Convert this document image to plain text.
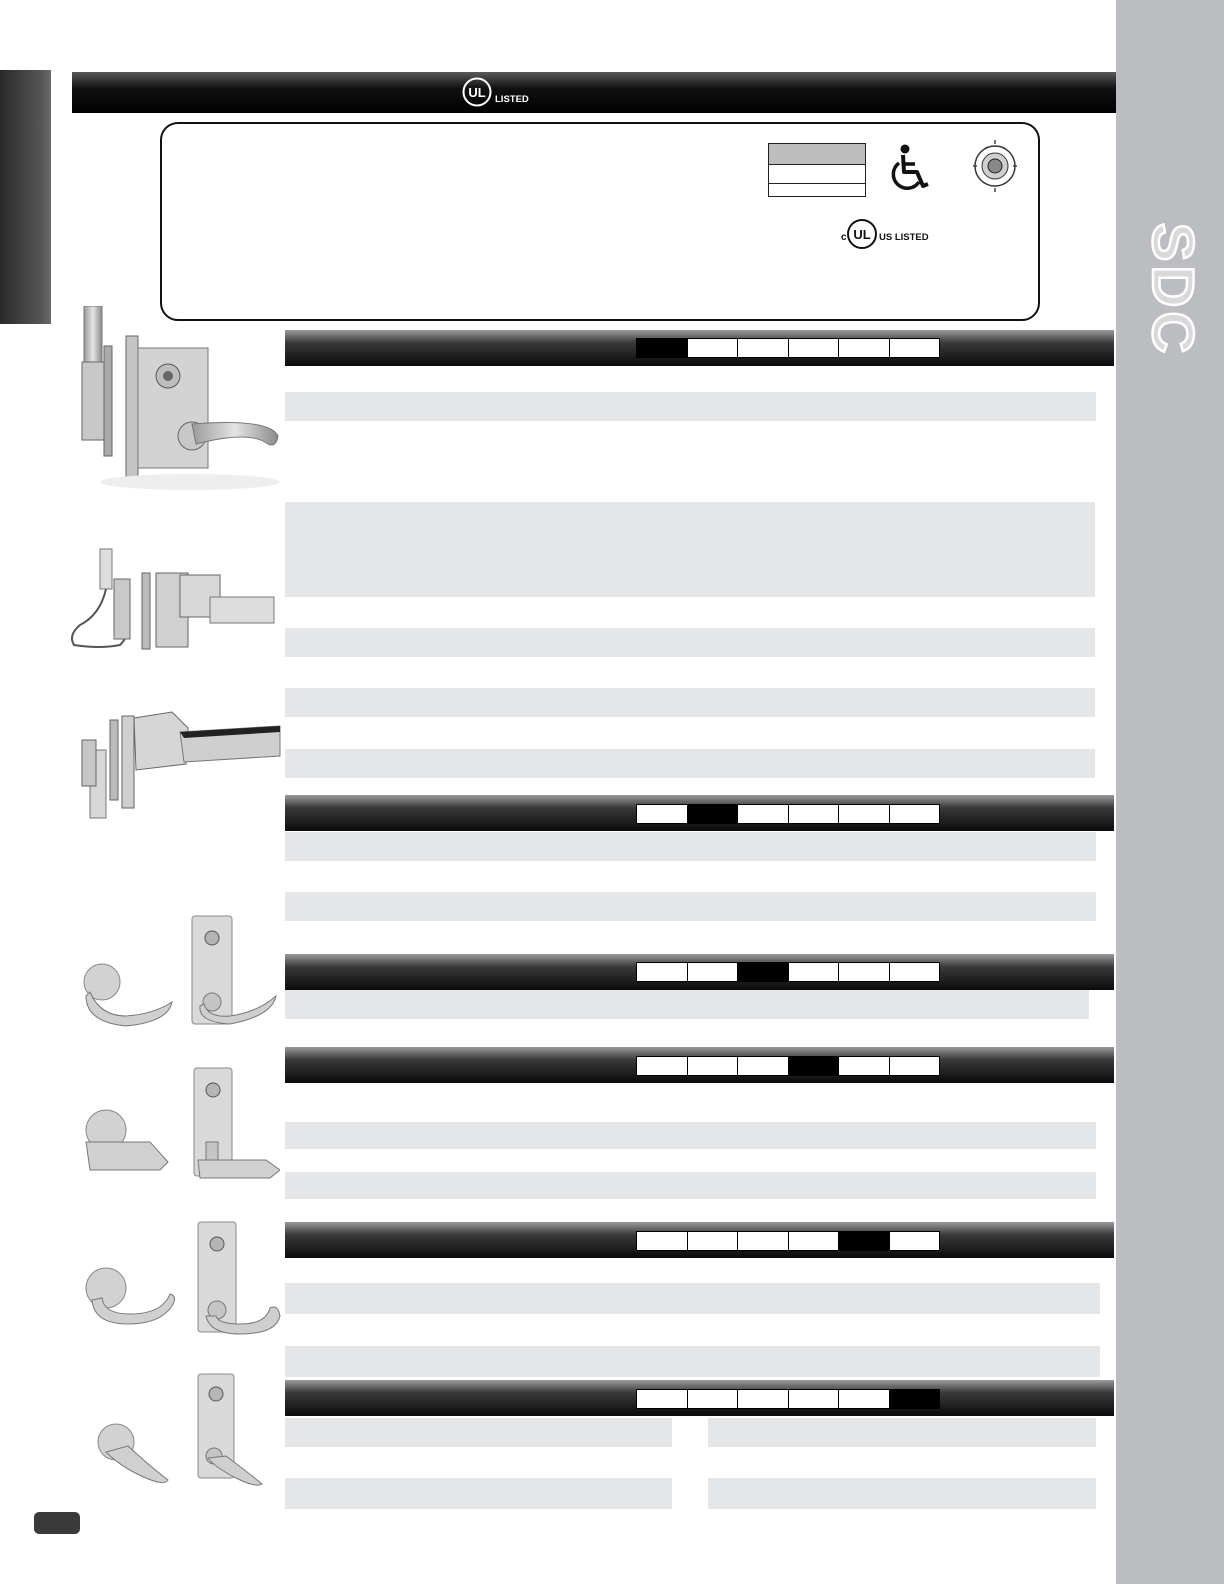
SDC
UL LISTED
c UL US LISTED
